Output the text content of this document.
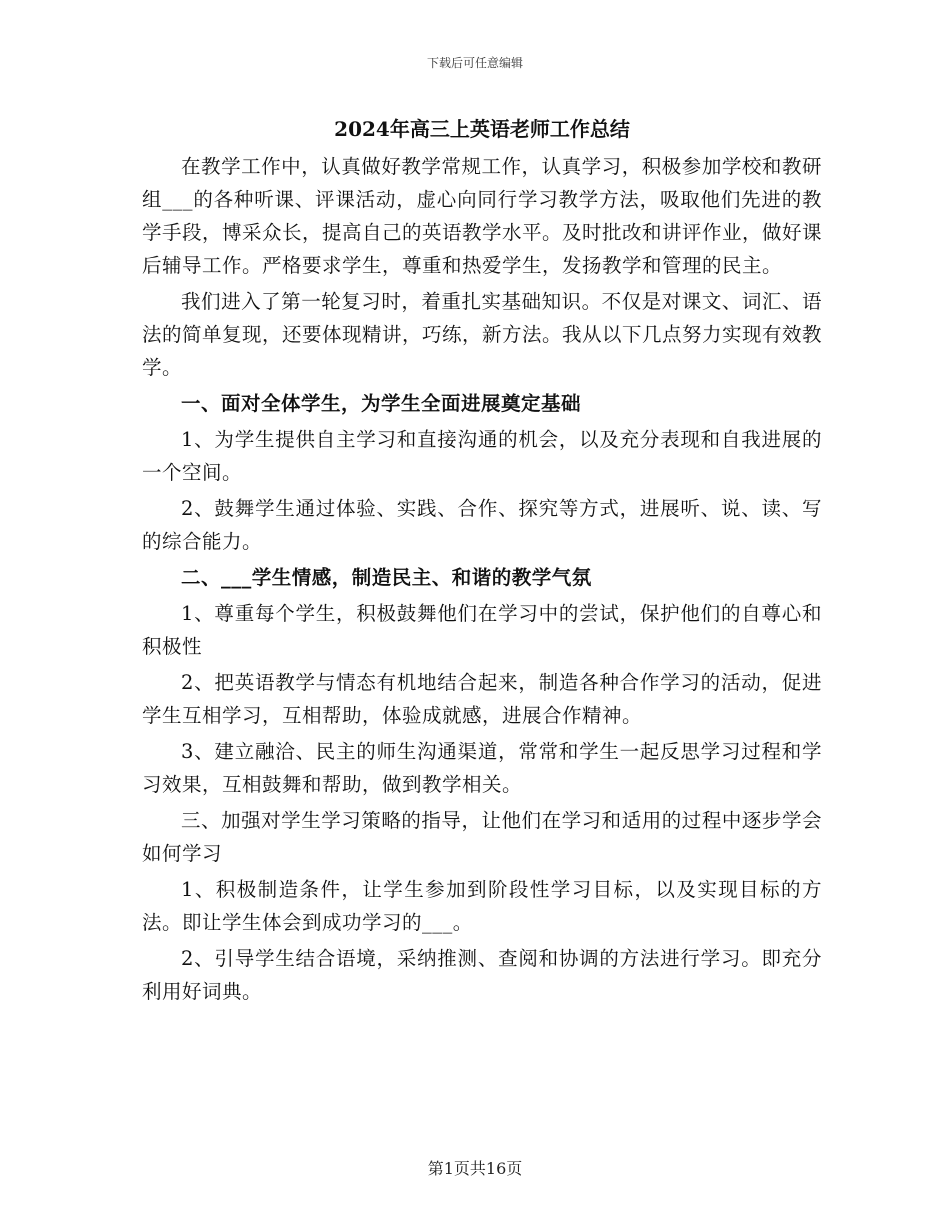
下载后可任意编辑
2024年高三上英语老师工作总结

在教学工作中，认真做好教学常规工作，认真学习，积极参加学校和教研组___的各种听课、评课活动，虚心向同行学习教学方法，吸取他们先进的教学手段，博采众长，提高自己的英语教学水平。及时批改和讲评作业，做好课后辅导工作。严格要求学生，尊重和热爱学生，发扬教学和管理的民主。

我们进入了第一轮复习时，着重扎实基础知识。不仅是对课文、词汇、语法的简单复现，还要体现精讲，巧练，新方法。我从以下几点努力实现有效教学。

一、面对全体学生，为学生全面进展奠定基础

1、为学生提供自主学习和直接沟通的机会，以及充分表现和自我进展的一个空间。

2、鼓舞学生通过体验、实践、合作、探究等方式，进展听、说、读、写的综合能力。

二、___学生情感，制造民主、和谐的教学气氛

1、尊重每个学生，积极鼓舞他们在学习中的尝试，保护他们的自尊心和积极性

2、把英语教学与情态有机地结合起来，制造各种合作学习的活动，促进学生互相学习，互相帮助，体验成就感，进展合作精神。

3、建立融洽、民主的师生沟通渠道，常常和学生一起反思学习过程和学习效果，互相鼓舞和帮助，做到教学相关。

三、加强对学生学习策略的指导，让他们在学习和适用的过程中逐步学会如何学习

1、积极制造条件，让学生参加到阶段性学习目标，以及实现目标的方法。即让学生体会到成功学习的___。

2、引导学生结合语境，采纳推测、查阅和协调的方法进行学习。即充分利用好词典。

第1页共16页
